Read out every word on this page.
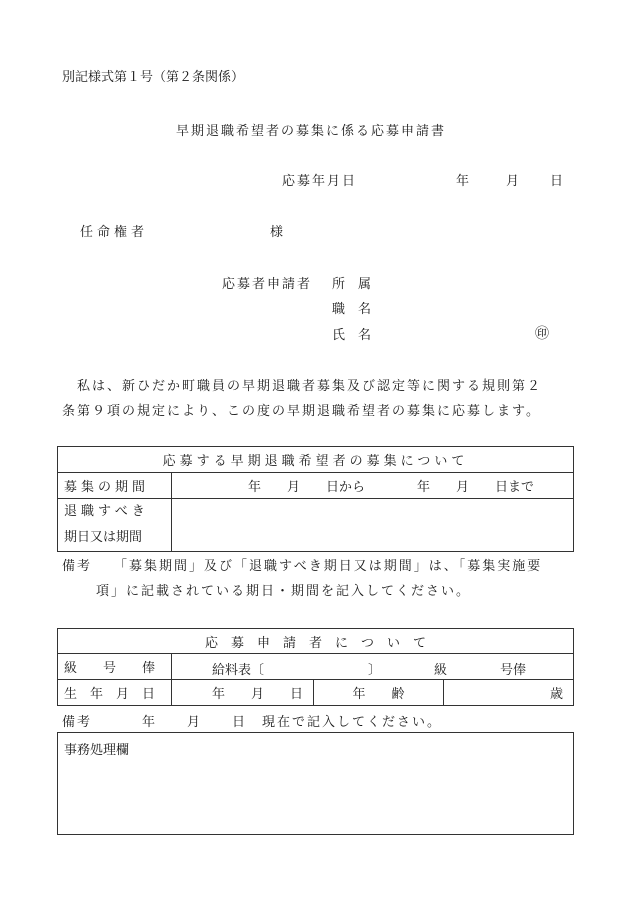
別記様式第１号（第２条関係）
早期退職希望者の募集に係る応募申請書
応募年月日	年	月 日
任命権者	様
応募者申請者 所　属
職　名
氏　名	㊞
　私は、新ひだか町職員の早期退職者募集及び認定等に関する規則第２
条第９項の規定により、この度の早期退職希望者の募集に応募します。
応募する早期退職希望者の募集について	
募集の期間	年　　月　　日から 年　　月　　日まで

退職すべき
期日又は期間	

備考 「募集期間」及び「退職すべき期日又は期間」は、「募集実施要
項」に記載されている期日・期間を記入してください。
応　募　申　請　者　に　つ　い　て			
級　　号　　俸	給料表〔 〕 級 号俸		

生　年　月　日	年　　月　　日	年　　齢	歳
備考	年　　月　　日　現在で記入してください。
事務処理欄
